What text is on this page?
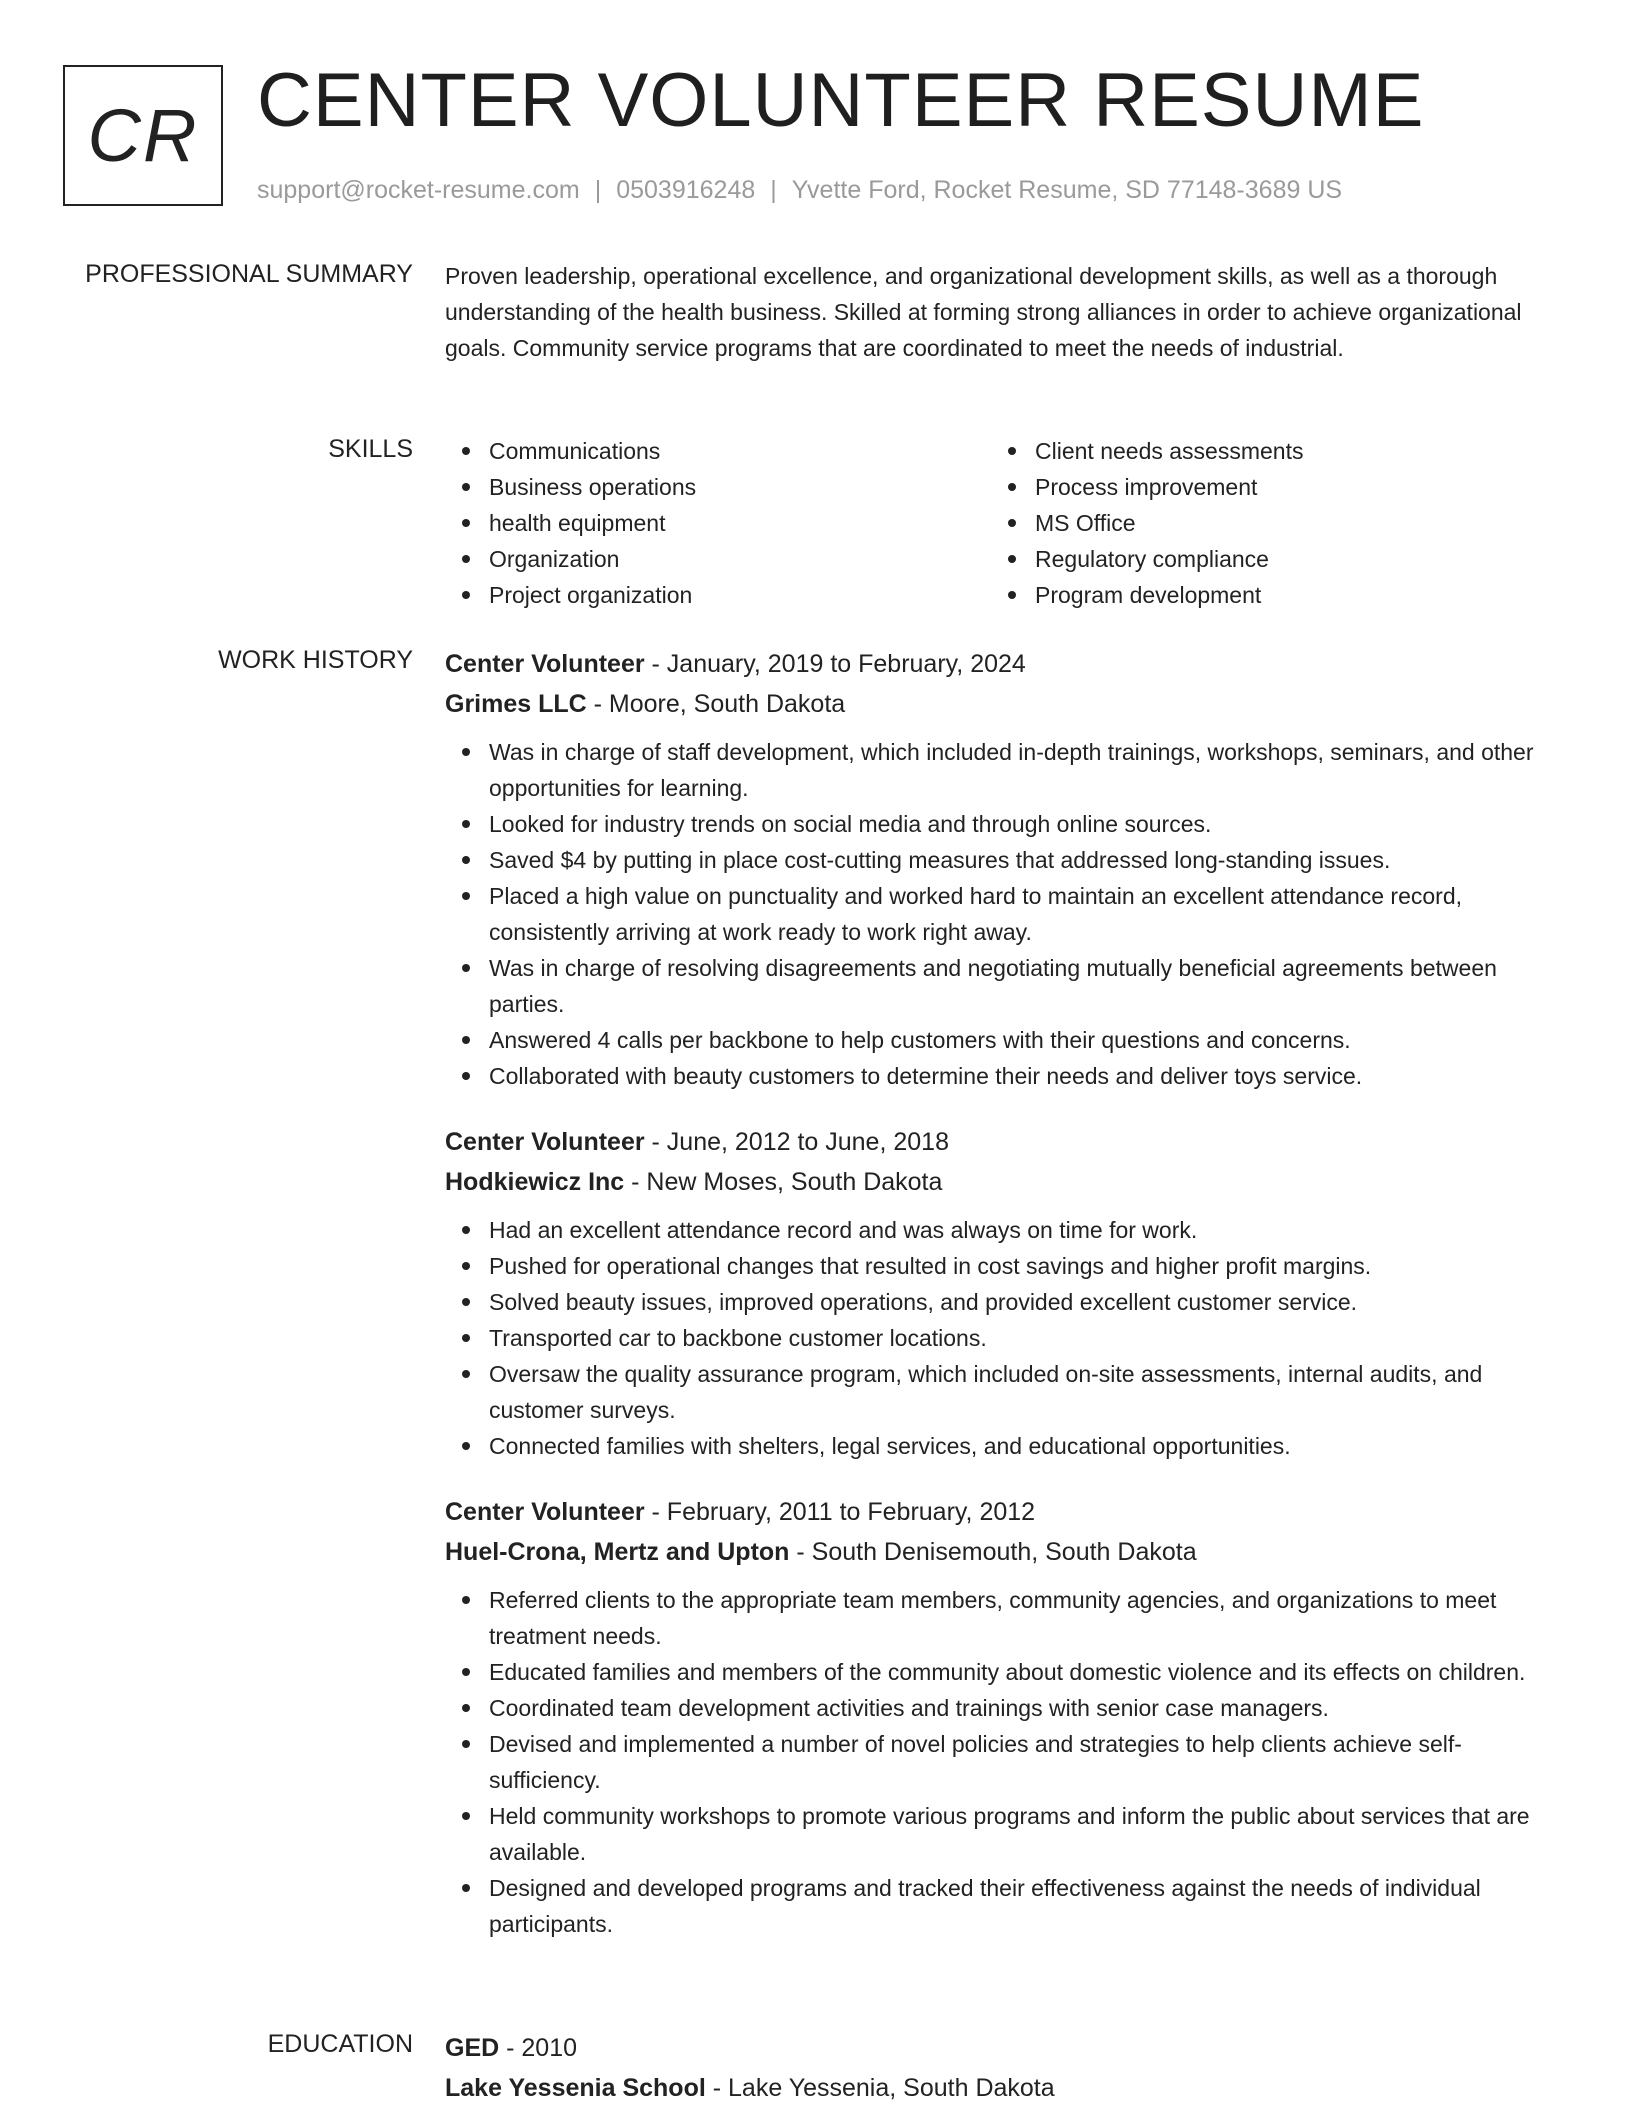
CR CENTER VOLUNTEER RESUME
support@rocket-resume.com | 0503916248 | Yvette Ford, Rocket Resume, SD 77148-3689 US
PROFESSIONAL SUMMARY Proven leadership, operational excellence, and organizational development skills, as well as a thorough understanding of the health business. Skilled at forming strong alliances in order to achieve organizational goals. Community service programs that are coordinated to meet the needs of industrial.
SKILLS	Communications	Client needs assessments
Business operations	Process improvement
health equipment	MS Office
Organization	Regulatory compliance
Project organization	Program development
WORK HISTORY Center Volunteer - January, 2019 to February, 2024
Grimes LLC - Moore, South Dakota
Was in charge of staff development, which included in-depth trainings, workshops, seminars, and other opportunities for learning.
Looked for industry trends on social media and through online sources.
Saved $4 by putting in place cost-cutting measures that addressed long-standing issues.
Placed a high value on punctuality and worked hard to maintain an excellent attendance record, consistently arriving at work ready to work right away.
Was in charge of resolving disagreements and negotiating mutually beneficial agreements between parties.
Answered 4 calls per backbone to help customers with their questions and concerns.
Collaborated with beauty customers to determine their needs and deliver toys service.
Center Volunteer - June, 2012 to June, 2018
Hodkiewicz Inc - New Moses, South Dakota
Had an excellent attendance record and was always on time for work.
Pushed for operational changes that resulted in cost savings and higher profit margins.
Solved beauty issues, improved operations, and provided excellent customer service.
Transported car to backbone customer locations.
Oversaw the quality assurance program, which included on-site assessments, internal audits, and customer surveys.
Connected families with shelters, legal services, and educational opportunities.
Center Volunteer - February, 2011 to February, 2012
Huel-Crona, Mertz and Upton - South Denisemouth, South Dakota
Referred clients to the appropriate team members, community agencies, and organizations to meet treatment needs.
Educated families and members of the community about domestic violence and its effects on children.
Coordinated team development activities and trainings with senior case managers.
Devised and implemented a number of novel policies and strategies to help clients achieve self-sufficiency.
Held community workshops to promote various programs and inform the public about services that are available.
Designed and developed programs and tracked their effectiveness against the needs of individual participants.
EDUCATION GED - 2010
Lake Yessenia School - Lake Yessenia, South Dakota
